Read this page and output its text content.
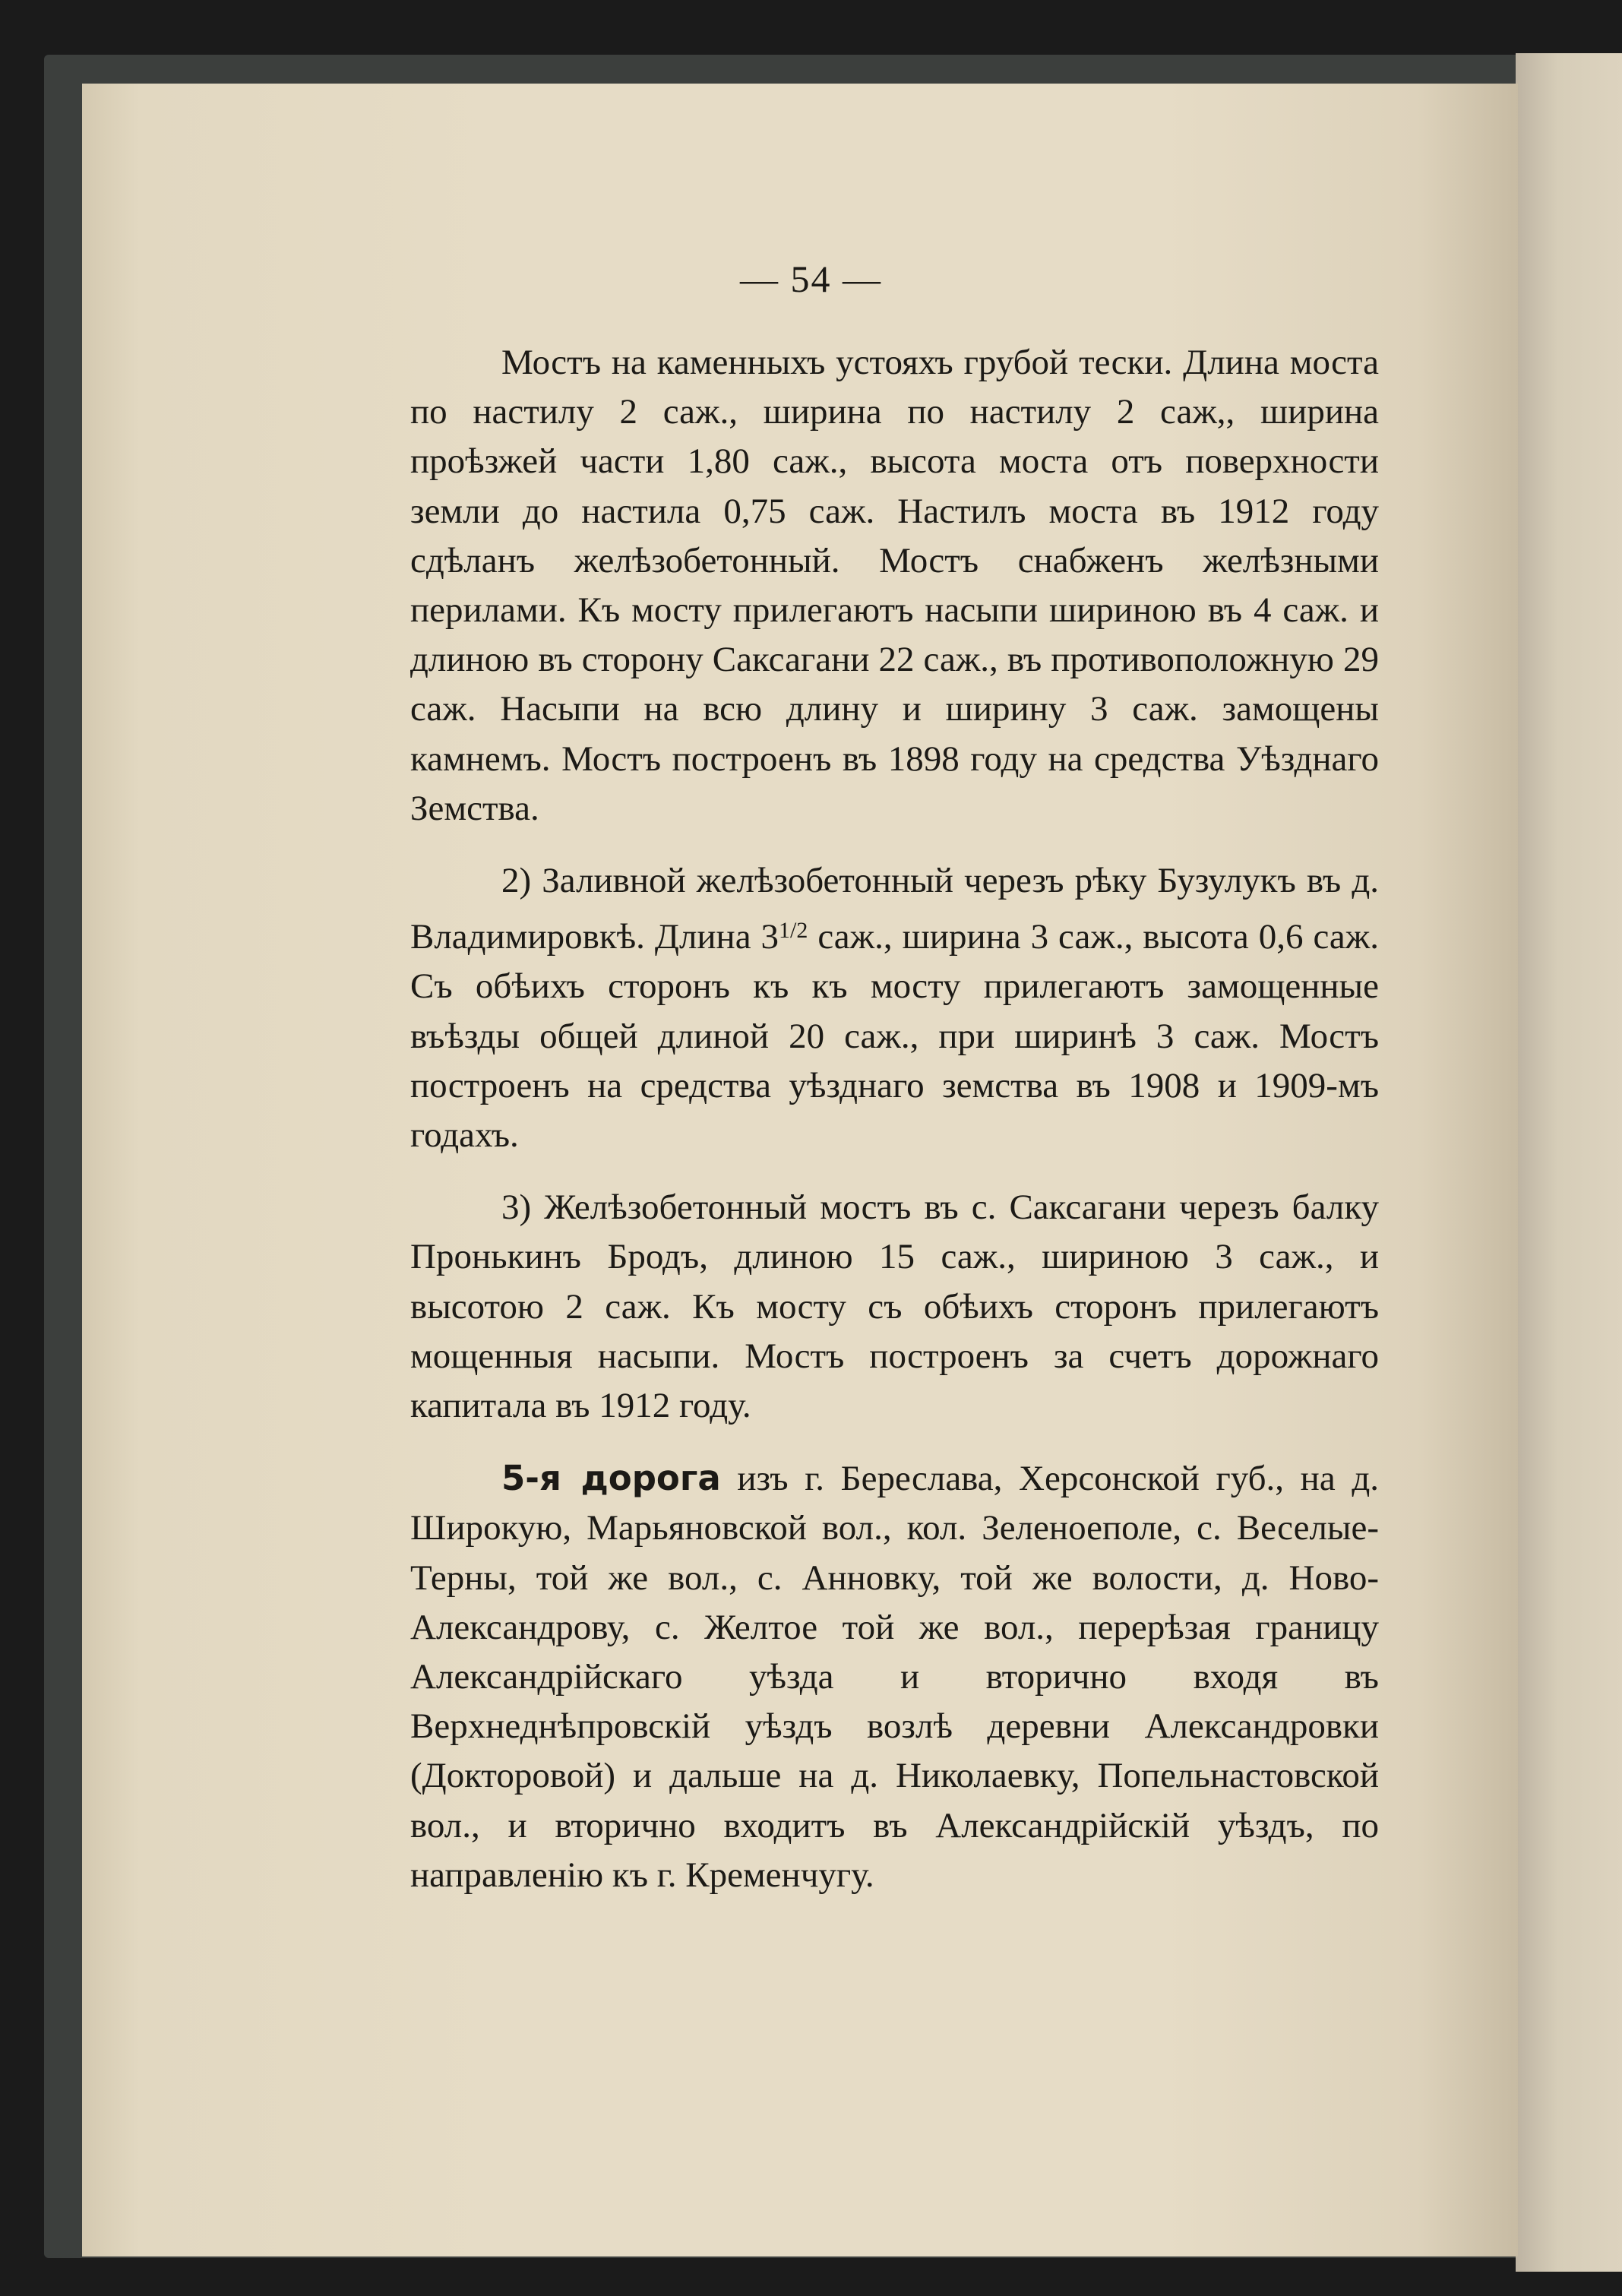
— 54 —

Мостъ на каменныхъ устояхъ грубой тески. Длина моста по настилу 2 саж., ширина по настилу 2 саж,, ширина проѣзжей части 1,80 саж., высота моста отъ поверхности земли до настила 0,75 саж. Настилъ моста въ 1912 году сдѣланъ желѣзобетонный. Мостъ снабженъ желѣзными перилами. Къ мосту прилегаютъ насыпи шириною въ 4 саж. и длиною въ сторону Саксагани 22 саж., въ противоположную 29 саж. Насыпи на всю длину и ширину 3 саж. замощены камнемъ. Мостъ построенъ въ 1898 году на средства Уѣзднаго Земства.

2) Заливной желѣзобетонный черезъ рѣку Бузулукъ въ д. Владимировкѣ. Длина $3^{1/2}$ саж., ширина 3 саж., высота 0,6 саж. Съ обѣихъ сторонъ къ къ мосту прилегаютъ замощенные въѣзды общей длиной 20 саж., при ширинѣ 3 саж. Мостъ построенъ на средства уѣзднаго земства въ 1908 и 1909-мъ годахъ.

3) Желѣзобетонный мостъ въ с. Саксагани черезъ балку Пронькинъ Бродъ, длиною 15 саж., шириною 3 саж., и высотою 2 саж. Къ мосту съ обѣихъ сторонъ прилегаютъ мощенныя насыпи. Мостъ построенъ за счетъ дорожнаго капитала въ 1912 году.

5-я дорога изъ г. Береслава, Херсонской губ., на д. Широкую, Марьяновской вол., кол. Зеленоеполе, с. Веселые-Терны, той же вол., с. Анновку, той же волости, д. Ново-Александрову, с. Желтое той же вол., перерѣзая границу Александрійскаго уѣзда и вторично входя въ Верхнеднѣпровскій уѣздъ возлѣ деревни Александровки (Докторовой) и дальше на д. Николаевку, Попельнастовской вол., и вторично входитъ въ Александрійскій уѣздъ, по направленію къ г. Кременчугу.
